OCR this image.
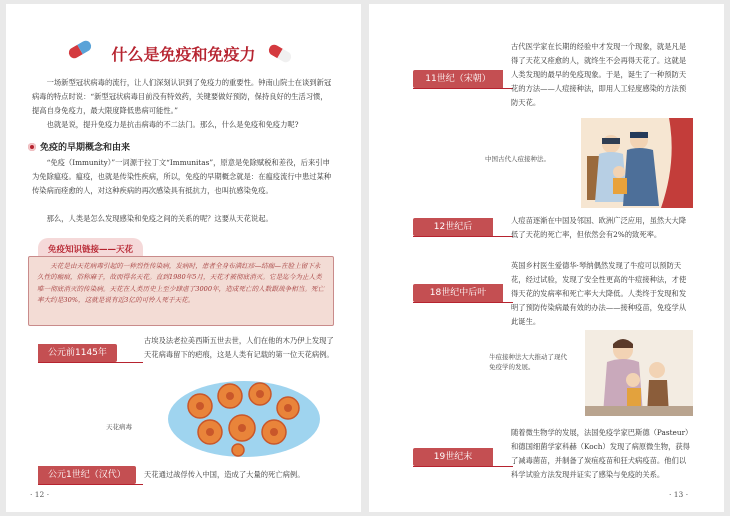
什么是免疫和免疫力
一场新型冠状病毒的流行，让人们深刻认识到了免疫力的重要性。钟南山院士在谈到新冠病毒的特点时说：“新型冠状病毒目前没有特效药，关键要做好预防，保持良好的生活习惯，提高自身免疫力，最大限度降低患病可能性。”
也就是说，提升免疫力是抗击病毒的不二法门。那么，什么是免疫和免疫力呢?
免疫的早期概念和由来
“免疫（Immunity）”一词源于拉丁文“Immunitas”，原意是免除赋税和差役，后来引申为免除瘟疫。瘟疫，也就是传染性疾病，所以，免疫的早期概念就是：在瘟疫流行中患过某种传染病而痊愈的人，对这种疾病的再次感染具有抵抗力，也叫抗感染免疫。
那么，人类是怎么发现感染和免疫之间的关系的呢？这要从天花说起。
免疫知识链接——天花
天花是由天花病毒引起的一种烈性传染病，发病时，患者全身布满红疹—结痂—在脸上留下永久性的瘢痕，俗称麻子，故而得名天花。直到1980年5月，天花才被彻底消灭。它是迄今为止人类唯一彻底消灭的传染病。天花在人类历史上至少肆虐了3000年，造成死亡的人数跟战争相当。死亡率大约是30%，这就是说有近3亿的可怜人死于天花。
公元前1145年
古埃及法老拉美西斯五世去世，人们在他的木乃伊上发现了天花病毒留下的疤痕，这是人类有记载的第一位天花病例。
天花病毒
公元1世纪（汉代）	天花通过战俘传入中国，造成了大量的死亡病例。
· 12 ·
11世纪（宋朝）
古代医学家在长期的经验中才发现一个现象，就是凡是得了天花又痊愈的人，就终生不会再得天花了。这就是人类发现的最早的免疫现象。于是，诞生了一种预防天花的方法——人痘接种法，即用人工轻度感染的方法预防天花。
中国古代人痘接种法。
12世纪后
人痘苗逐渐在中国及邻国、欧洲广泛应用，虽然大大降低了天花的死亡率，但依然会有2%的致死率。
18世纪中后叶
英国乡村医生爱德华·琴纳偶然发现了牛痘可以预防天花，经过试验，发现了安全性更高的牛痘接种法，才使得天花的发病率和死亡率大大降低。人类终于发现和发明了预防传染病最有效的办法——接种疫苗，免疫学从此诞生。
牛痘接种法大大推动了现代免疫学的发展。
19世纪末
随着微生物学的发展，法国免疫学家巴斯德（Pasteur）和德国细菌学家科赫（Koch）发现了病原微生物，获得了减毒菌苗，并制备了炭疽疫苗和狂犬病疫苗。他们以科学试验方法发现并证实了感染与免疫的关系。
· 13 ·
